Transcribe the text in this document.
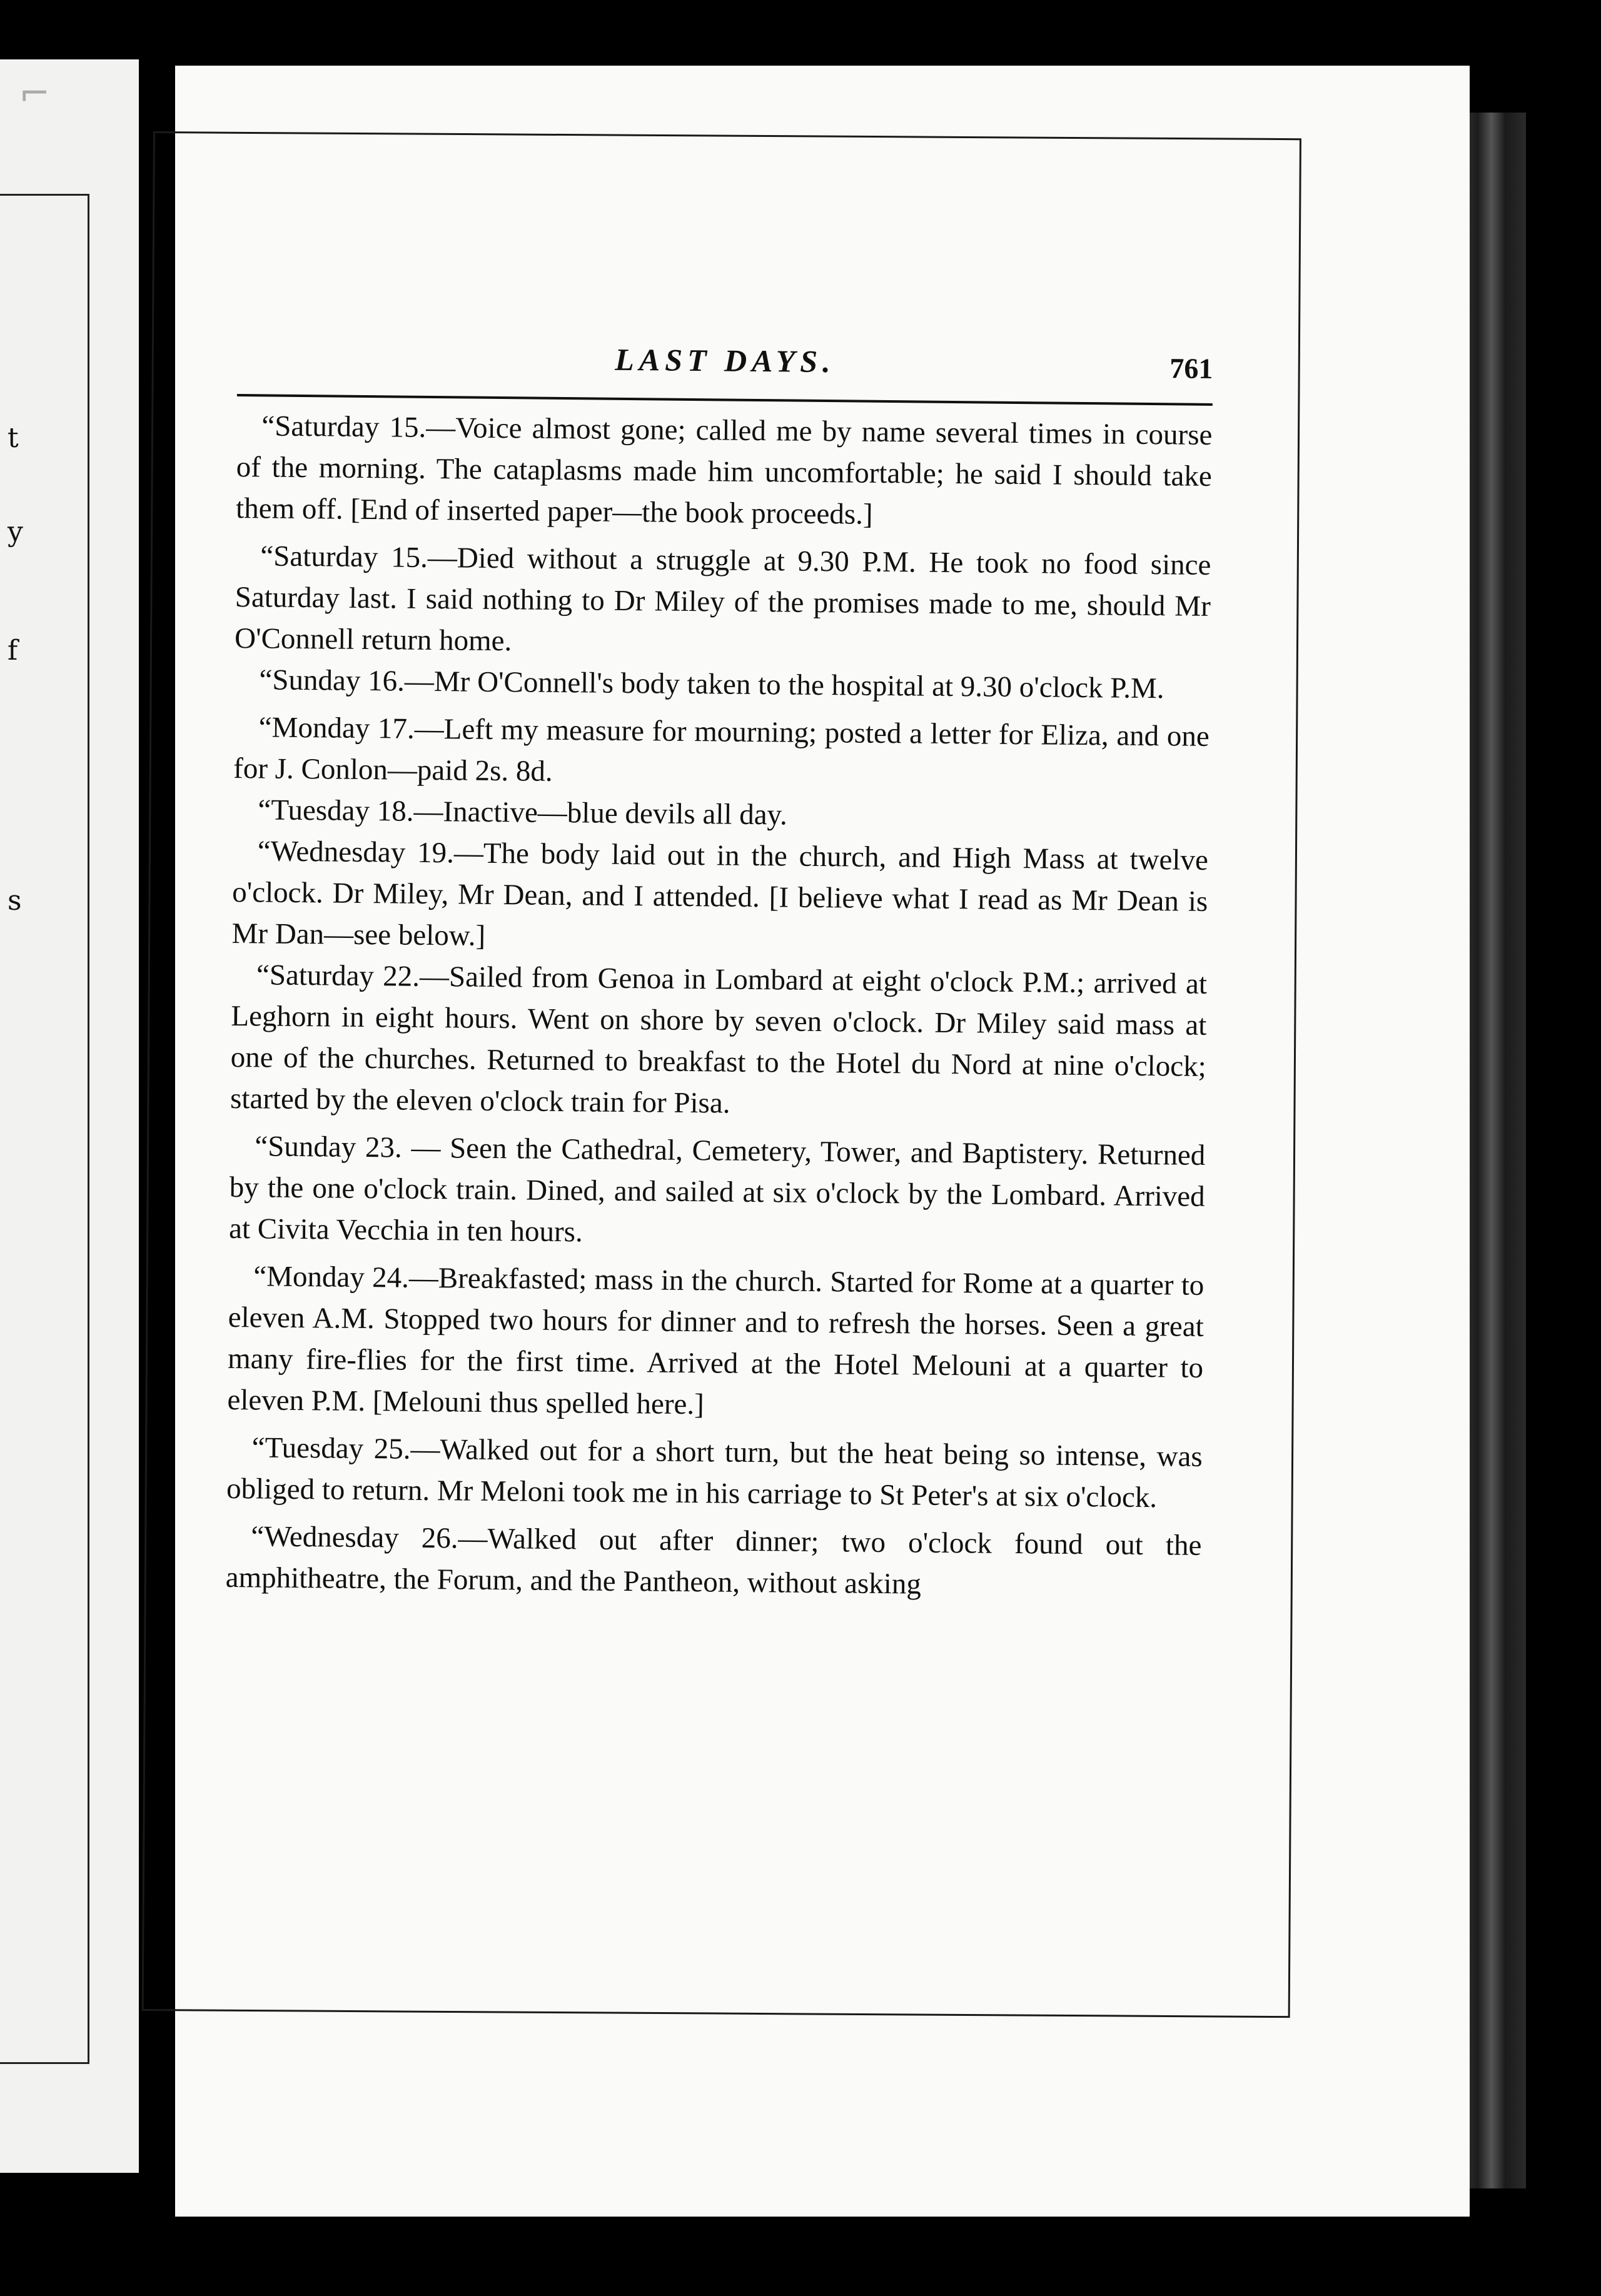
⌐
t
y
f
s
LAST DAYS.	761

“Saturday 15.—Voice almost gone; called me by name several times in course of the morning. The cataplasms made him uncomfortable; he said I should take them off. [End of inserted paper—the book proceeds.]

“Saturday 15.—Died without a struggle at 9.30 P.M. He took no food since Saturday last. I said nothing to Dr Miley of the promises made to me, should Mr O'Connell return home.

“Sunday 16.—Mr O'Connell's body taken to the hospital at 9.30 o'clock P.M.

“Monday 17.—Left my measure for mourning; posted a letter for Eliza, and one for J. Conlon—paid 2s. 8d.

“Tuesday 18.—Inactive—blue devils all day.

“Wednesday 19.—The body laid out in the church, and High Mass at twelve o'clock. Dr Miley, Mr Dean, and I attended. [I believe what I read as Mr Dean is Mr Dan—see below.]

“Saturday 22.—Sailed from Genoa in Lombard at eight o'clock P.M.; arrived at Leghorn in eight hours. Went on shore by seven o'clock. Dr Miley said mass at one of the churches. Returned to breakfast to the Hotel du Nord at nine o'clock; started by the eleven o'clock train for Pisa.

“Sunday 23. — Seen the Cathedral, Cemetery, Tower, and Baptistery. Returned by the one o'clock train. Dined, and sailed at six o'clock by the Lombard. Arrived at Civita Vecchia in ten hours.

“Monday 24.—Breakfasted; mass in the church. Started for Rome at a quarter to eleven A.M. Stopped two hours for dinner and to refresh the horses. Seen a great many fire-flies for the first time. Arrived at the Hotel Melouni at a quarter to eleven P.M. [Melouni thus spelled here.]

“Tuesday 25.—Walked out for a short turn, but the heat being so intense, was obliged to return. Mr Meloni took me in his carriage to St Peter's at six o'clock.

“Wednesday 26.—Walked out after dinner; two o'clock found out the amphitheatre, the Forum, and the Pantheon, without asking
